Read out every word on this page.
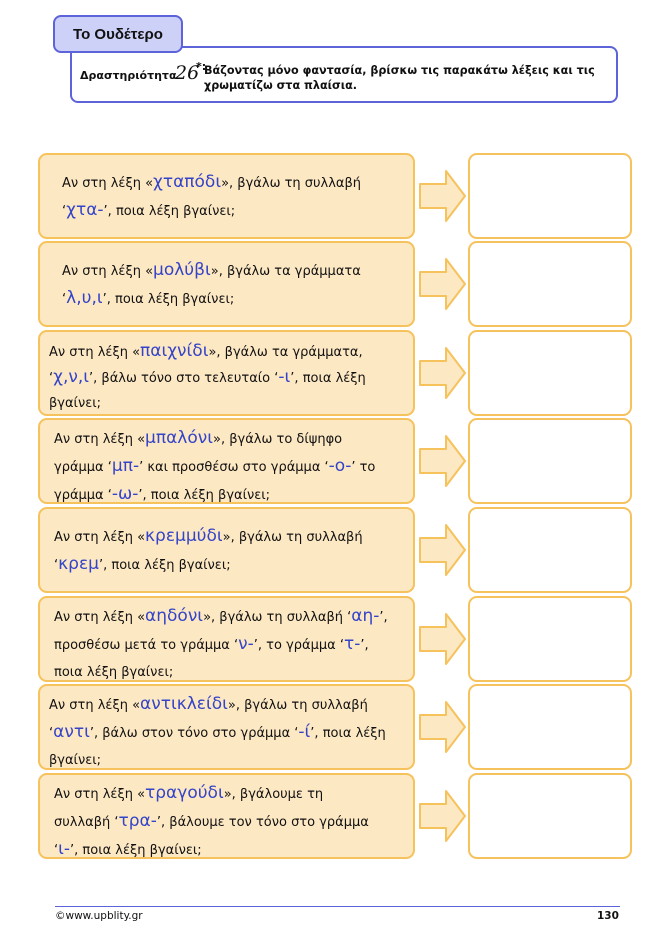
Το Ουδέτερο
Δραστηριότητα
26
*:
Βάζοντας μόνο φαντασία, βρίσκω τις παρακάτω λέξεις και τις
χρωματίζω στα πλαίσια.
Αν στη λέξη «χταπόδι», βγάλω τη συλλαβή
‘χτα-’, ποια λέξη βγαίνει;
Αν στη λέξη «μολύβι», βγάλω τα γράμματα
‘λ,υ,ι’, ποια λέξη βγαίνει;
Αν στη λέξη «παιχνίδι», βγάλω τα γράμματα,
‘χ,ν,ι’, βάλω τόνο στο τελευταίο ‘-ι’, ποια λέξη
βγαίνει;
Αν στη λέξη «μπαλόνι», βγάλω το δίψηφο
γράμμα ‘μπ-’ και προσθέσω στο γράμμα ‘-ο-’ το
γράμμα ‘-ω-’, ποια λέξη βγαίνει;
Αν στη λέξη «κρεμμύδι», βγάλω τη συλλαβή
‘κρεμ’, ποια λέξη βγαίνει;
Αν στη λέξη «αηδόνι», βγάλω τη συλλαβή ‘αη-’,
προσθέσω μετά το γράμμα ‘ν-’, το γράμμα ‘τ-’,
ποια λέξη βγαίνει;
Αν στη λέξη «αντικλείδι», βγάλω τη συλλαβή
‘αντι’, βάλω στον τόνο στο γράμμα ‘-ί’, ποια λέξη
βγαίνει;
Αν στη λέξη «τραγούδι», βγάλουμε τη
συλλαβή ‘τρα-’, βάλουμε τον τόνο στο γράμμα
‘ι-’, ποια λέξη βγαίνει;
©www.upblity.gr	130
